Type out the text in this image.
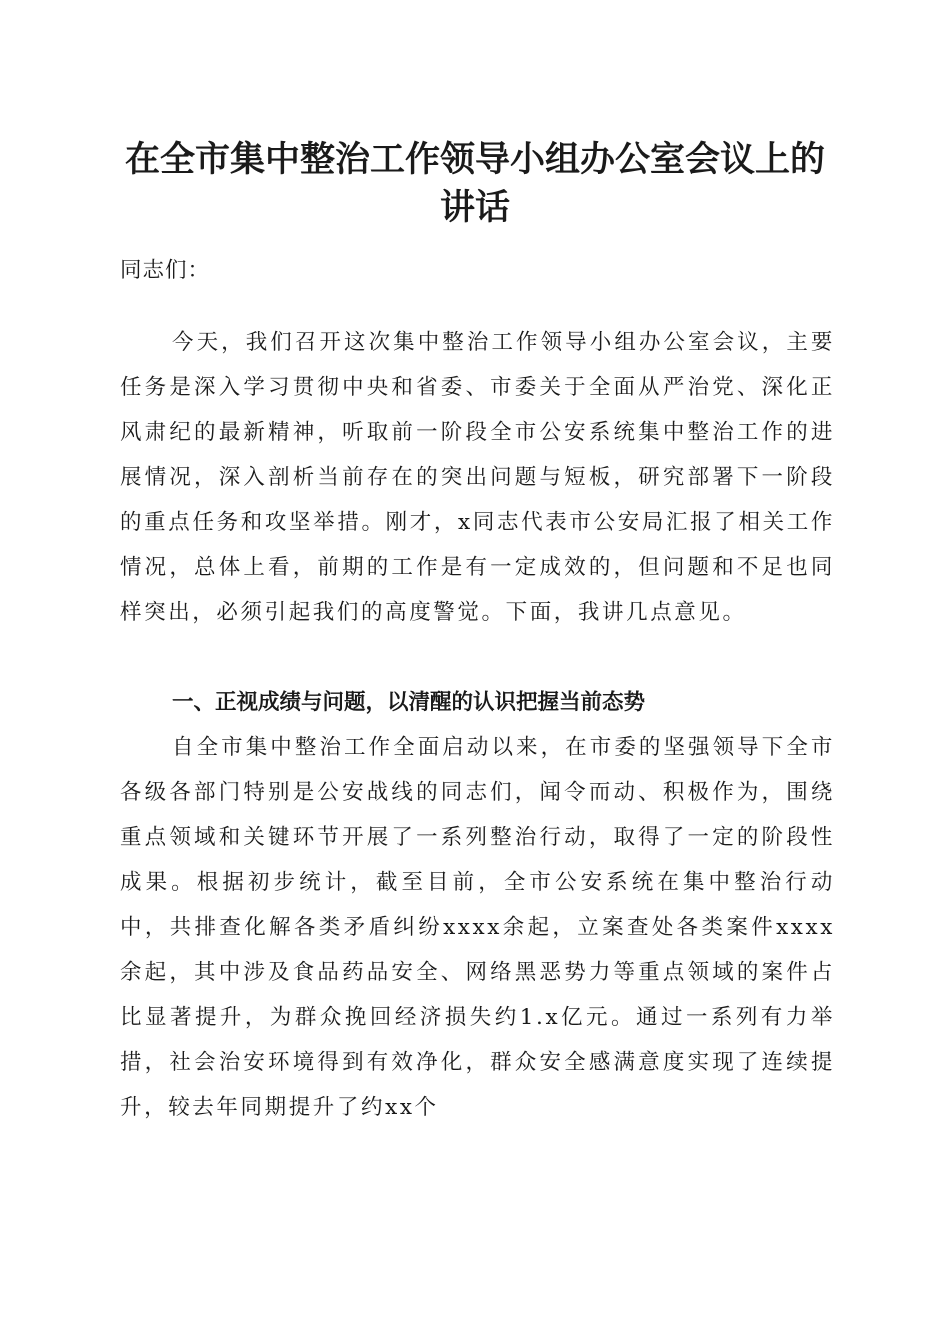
在全市集中整治工作领导小组办公室会议上的
讲话

同志们：

今天，我们召开这次集中整治工作领导小组办公室会议，主要任务是深入学习贯彻中央和省委、市委关于全面从严治党、深化正风肃纪的最新精神，听取前一阶段全市公安系统集中整治工作的进展情况，深入剖析当前存在的突出问题与短板，研究部署下一阶段的重点任务和攻坚举措。刚才，x同志代表市公安局汇报了相关工作情况，总体上看，前期的工作是有一定成效的，但问题和不足也同样突出，必须引起我们的高度警觉。下面，我讲几点意见。

一、正视成绩与问题，以清醒的认识把握当前态势

自全市集中整治工作全面启动以来，在市委的坚强领导下全市各级各部门特别是公安战线的同志们，闻令而动、积极作为，围绕重点领域和关键环节开展了一系列整治行动，取得了一定的阶段性成果。根据初步统计，截至目前，全市公安系统在集中整治行动中，共排查化解各类矛盾纠纷xxxx余起，立案查处各类案件xxxx余起，其中涉及食品药品安全、网络黑恶势力等重点领域的案件占比显著提升，为群众挽回经济损失约1.x亿元。通过一系列有力举措，社会治安环境得到有效净化，群众安全感满意度实现了连续提升，较去年同期提升了约xx个
